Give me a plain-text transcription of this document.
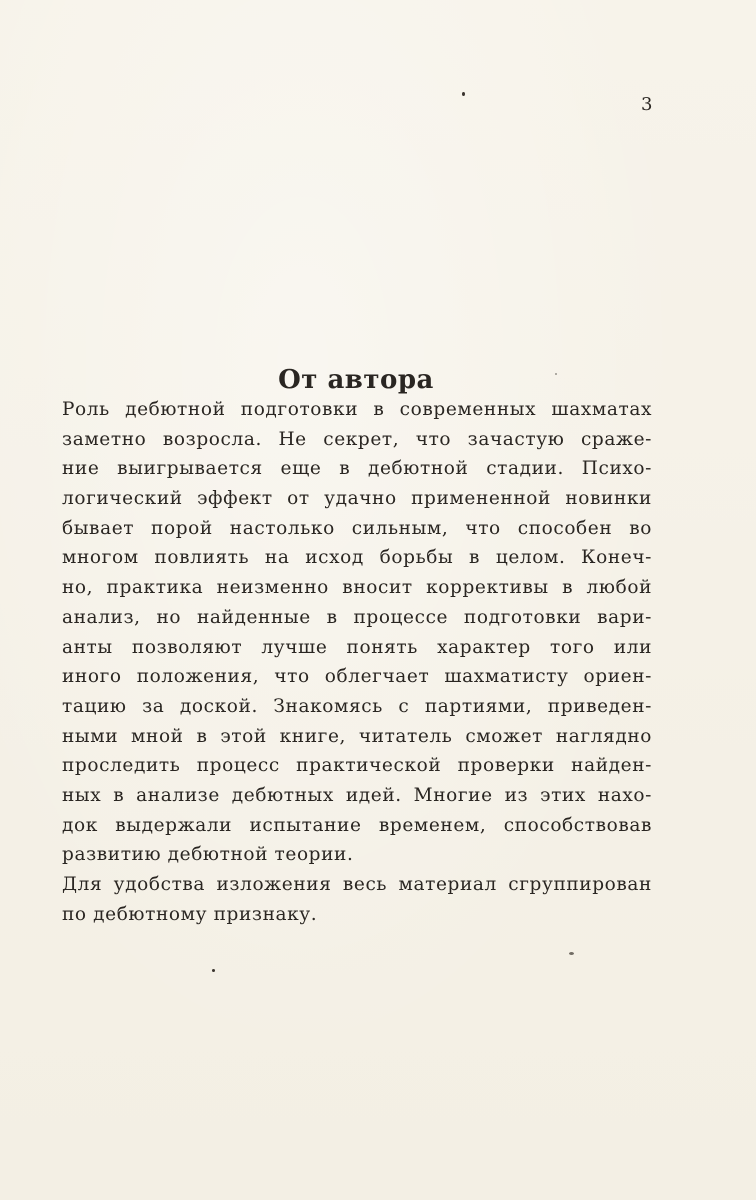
3
От автора
Роль дебютной подготовки в современных шахматах
заметно возросла. Не секрет, что зачастую сраже-
ние выигрывается еще в дебютной стадии. Психо-
логический эффект от удачно примененной новинки
бывает порой настолько сильным, что способен во
многом повлиять на исход борьбы в целом. Конеч-
но, практика неизменно вносит коррективы в любой
анализ, но найденные в процессе подготовки вари-
анты позволяют лучше понять характер того или
иного положения, что облегчает шахматисту ориен-
тацию за доской. Знакомясь с партиями, приведен-
ными мной в этой книге, читатель сможет наглядно
проследить процесс практической проверки найден-
ных в анализе дебютных идей. Многие из этих нахо-
док выдержали испытание временем, способствовав
развитию дебютной теории.
Для удобства изложения весь материал сгруппирован
по дебютному признаку.
